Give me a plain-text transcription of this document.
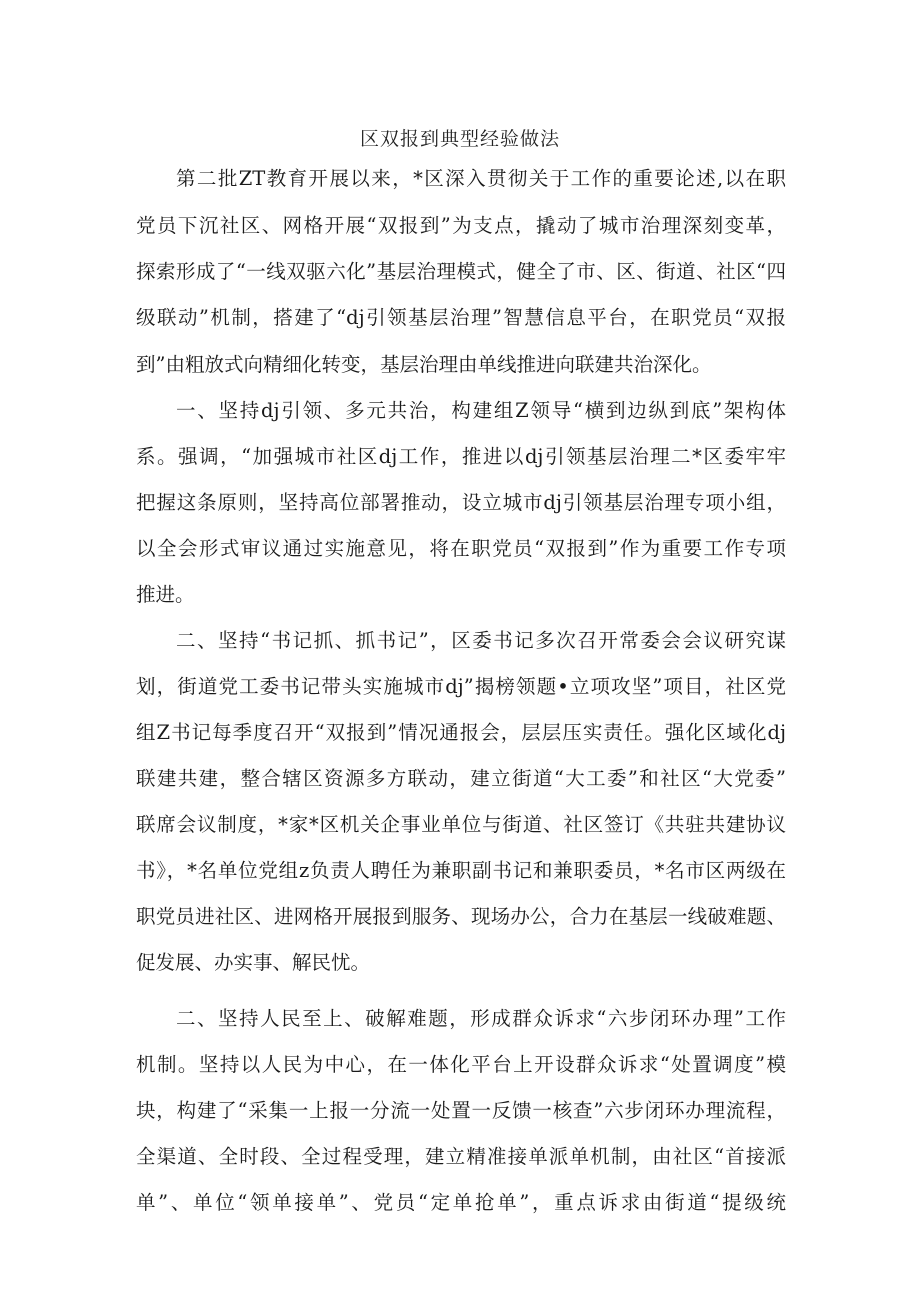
区双报到典型经验做法
第二批ZT教育开展以来，*区深入贯彻关于工作的重要论述,以在职
党员下沉社区、网格开展“双报到”为支点，撬动了城市治理深刻变革，
探索形成了“一线双驱六化”基层治理模式，健全了市、区、街道、社区“四
级联动”机制，搭建了“dj引领基层治理”智慧信息平台，在职党员“双报
到”由粗放式向精细化转变，基层治理由单线推进向联建共治深化。
一、坚持dj引领、多元共治，构建组Z领导“横到边纵到底”架构体
系。强调，“加强城市社区dj工作，推进以dj引领基层治理二*区委牢牢
把握这条原则，坚持高位部署推动，设立城市dj引领基层治理专项小组，
以全会形式审议通过实施意见，将在职党员“双报到”作为重要工作专项
推进。
二、坚持“书记抓、抓书记”，区委书记多次召开常委会会议研究谋
划，街道党工委书记带头实施城市dj”揭榜领题•立项攻坚”项目，社区党
组Z书记每季度召开“双报到”情况通报会，层层压实责任。强化区域化dj
联建共建，整合辖区资源多方联动，建立街道“大工委”和社区“大党委”
联席会议制度，*家*区机关企事业单位与街道、社区签订《共驻共建协议
书》，*名单位党组z负责人聘任为兼职副书记和兼职委员，*名市区两级在
职党员进社区、进网格开展报到服务、现场办公，合力在基层一线破难题、
促发展、办实事、解民忧。
二、坚持人民至上、破解难题，形成群众诉求“六步闭环办理”工作
机制。坚持以人民为中心，在一体化平台上开设群众诉求“处置调度”模
块，构建了“采集一上报一分流一处置一反馈一核查”六步闭环办理流程，
全渠道、全时段、全过程受理，建立精准接单派单机制，由社区“首接派
单”、单位“领单接单”、党员“定单抢单”，重点诉求由街道“提级统
